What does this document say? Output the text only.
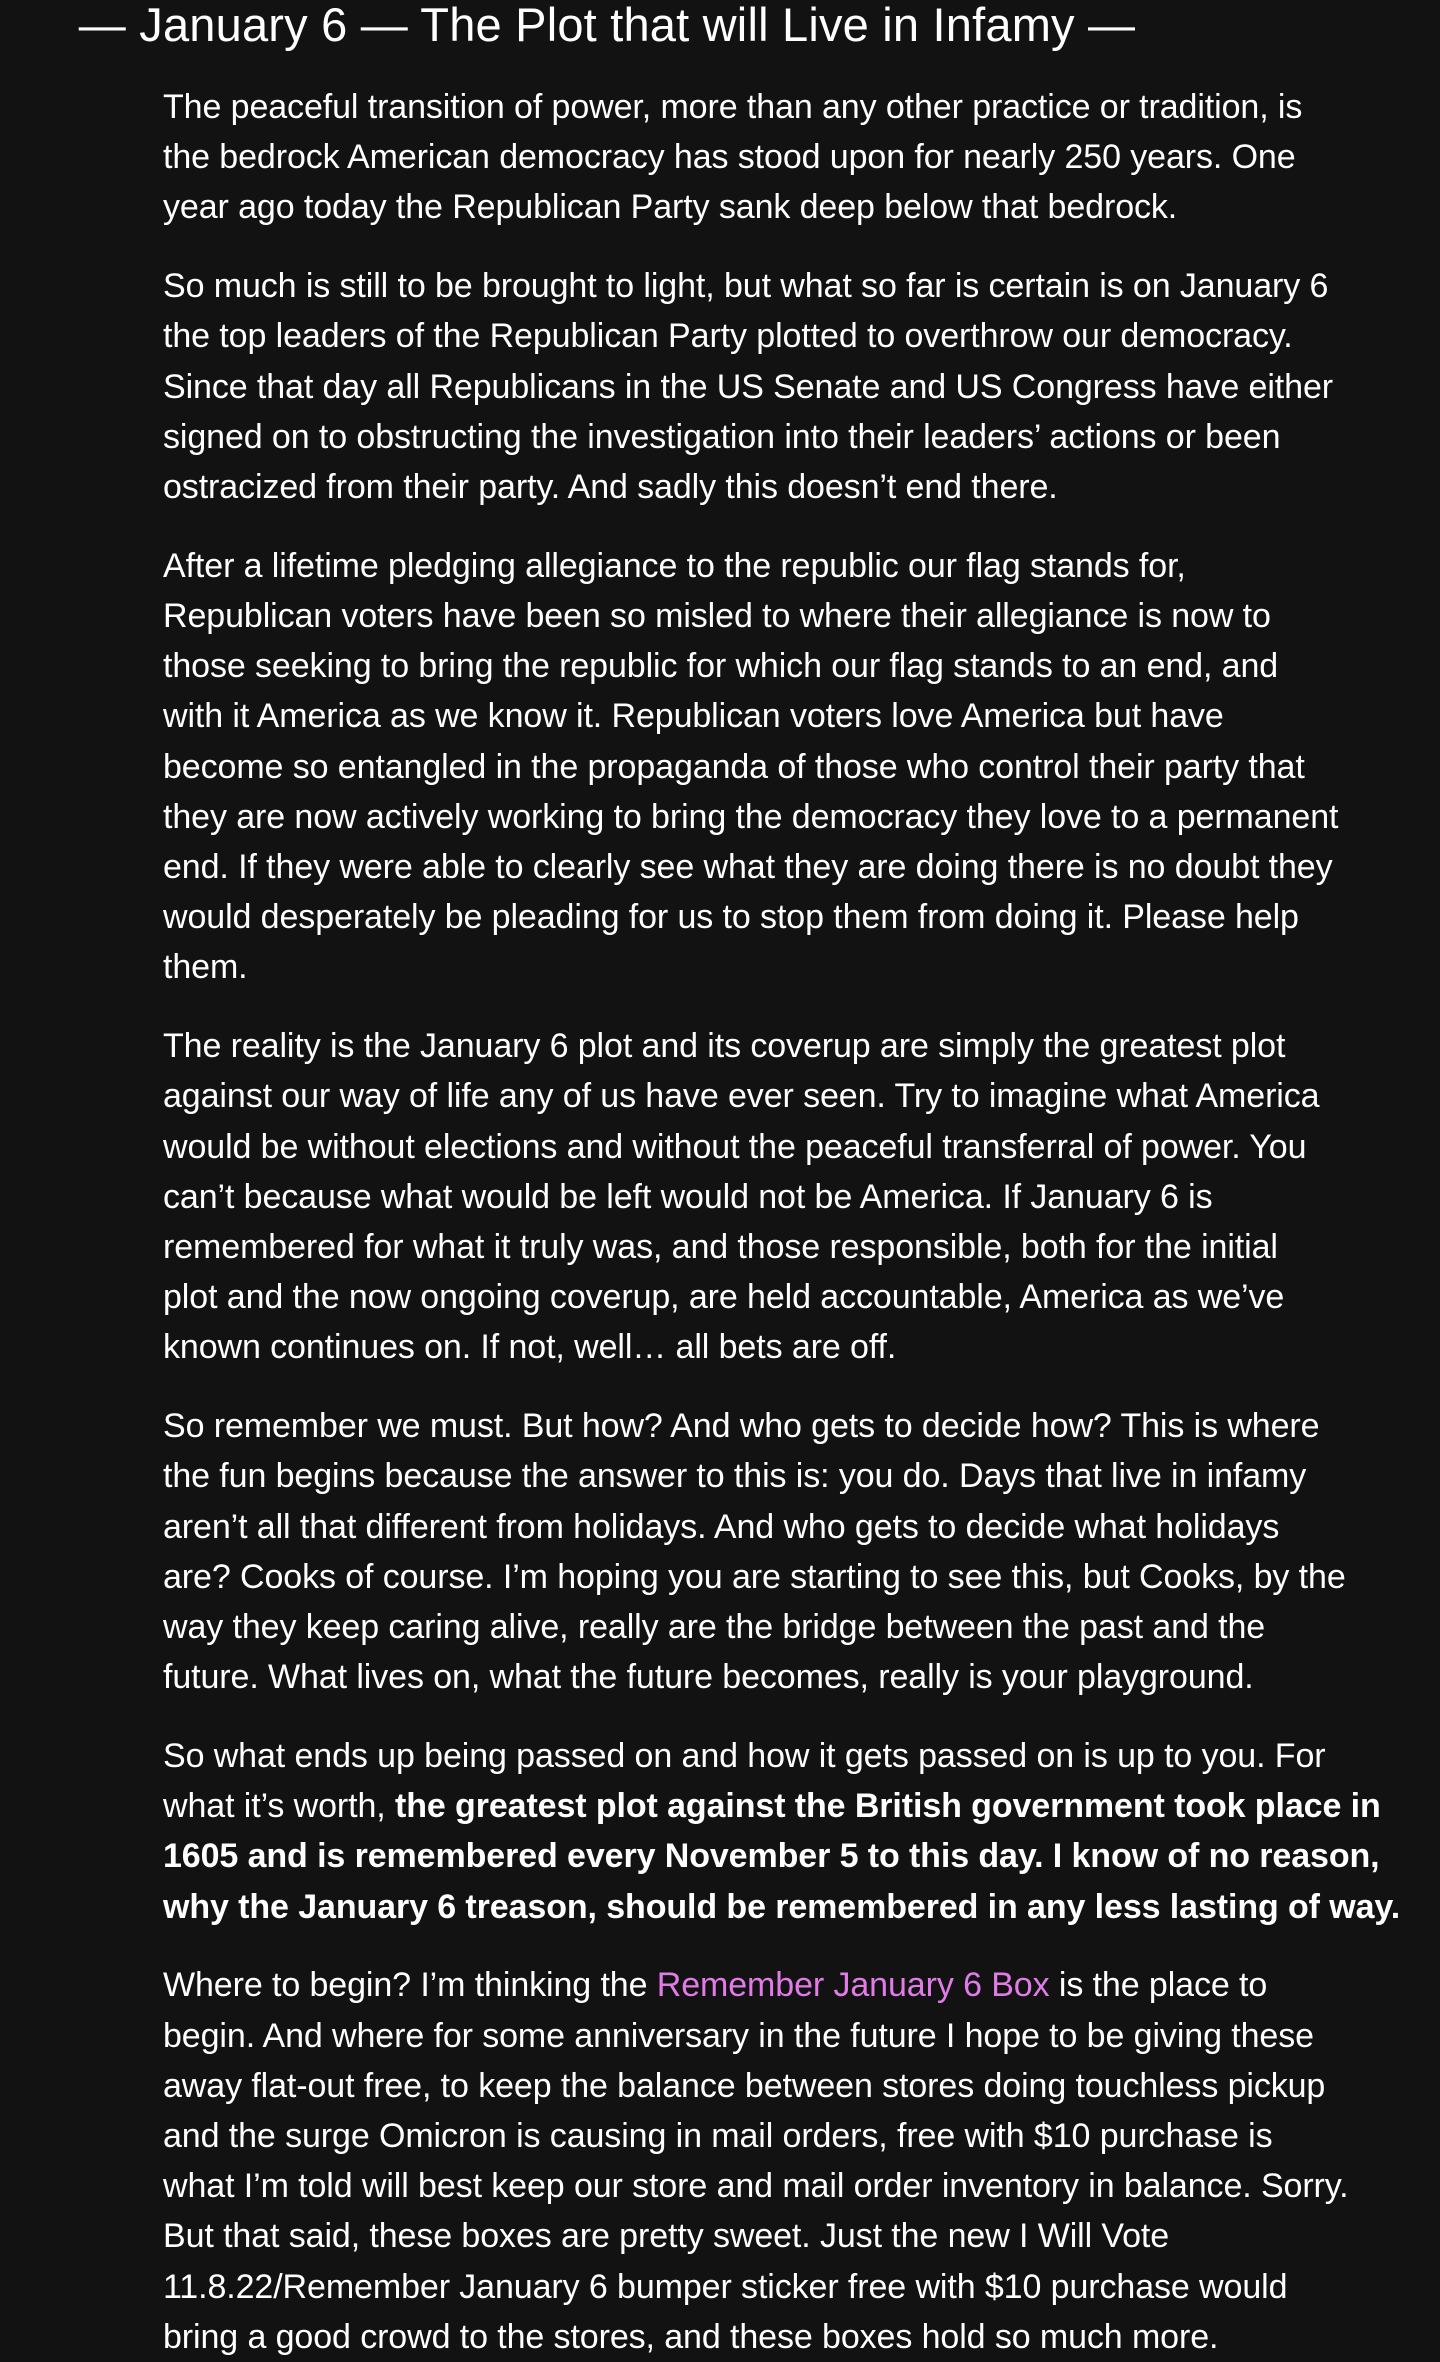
— January 6 — The Plot that will Live in Infamy —

The peaceful transition of power, more than any other practice or tradition, is
the bedrock American democracy has stood upon for nearly 250 years. One
year ago today the Republican Party sank deep below that bedrock.

So much is still to be brought to light, but what so far is certain is on January 6
the top leaders of the Republican Party plotted to overthrow our democracy.
Since that day all Republicans in the US Senate and US Congress have either
signed on to obstructing the investigation into their leaders’ actions or been
ostracized from their party. And sadly this doesn’t end there.

After a lifetime pledging allegiance to the republic our flag stands for,
Republican voters have been so misled to where their allegiance is now to
those seeking to bring the republic for which our flag stands to an end, and
with it America as we know it. Republican voters love America but have
become so entangled in the propaganda of those who control their party that
they are now actively working to bring the democracy they love to a permanent
end. If they were able to clearly see what they are doing there is no doubt they
would desperately be pleading for us to stop them from doing it. Please help
them.

The reality is the January 6 plot and its coverup are simply the greatest plot
against our way of life any of us have ever seen. Try to imagine what America
would be without elections and without the peaceful transferral of power. You
can’t because what would be left would not be America. If January 6 is
remembered for what it truly was, and those responsible, both for the initial
plot and the now ongoing coverup, are held accountable, America as we’ve
known continues on. If not, well… all bets are off.

So remember we must. But how? And who gets to decide how? This is where
the fun begins because the answer to this is: you do. Days that live in infamy
aren’t all that different from holidays. And who gets to decide what holidays
are? Cooks of course. I’m hoping you are starting to see this, but Cooks, by the
way they keep caring alive, really are the bridge between the past and the
future. What lives on, what the future becomes, really is your playground.

So what ends up being passed on and how it gets passed on is up to you. For
what it’s worth, the greatest plot against the British government took place in
1605 and is remembered every November 5 to this day. I know of no reason,
why the January 6 treason, should be remembered in any less lasting of way.

Where to begin? I’m thinking the Remember January 6 Box is the place to
begin. And where for some anniversary in the future I hope to be giving these
away flat-out free, to keep the balance between stores doing touchless pickup
and the surge Omicron is causing in mail orders, free with $10 purchase is
what I’m told will best keep our store and mail order inventory in balance. Sorry.
But that said, these boxes are pretty sweet. Just the new I Will Vote
11.8.22/Remember January 6 bumper sticker free with $10 purchase would
bring a good crowd to the stores, and these boxes hold so much more.
